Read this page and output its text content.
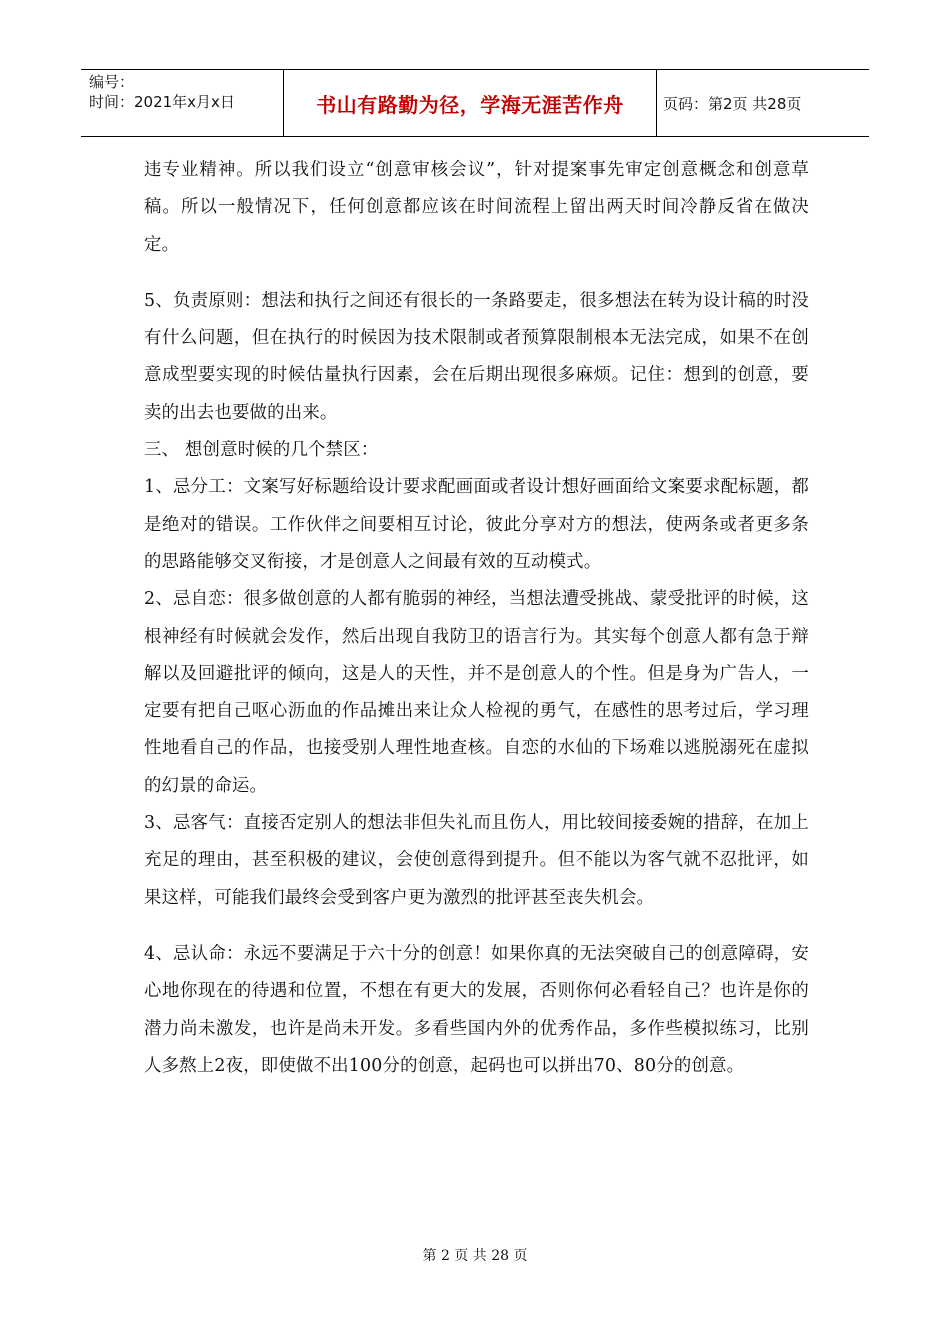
编号：
时间：2021年x月x日	书山有路勤为径，学海无涯苦作舟	页码：第2页 共28页

违专业精神。所以我们设立“创意审核会议”，针对提案事先审定创意概念和创意草稿。所以一般情况下，任何创意都应该在时间流程上留出两天时间冷静反省在做决定。

5、负责原则：想法和执行之间还有很长的一条路要走，很多想法在转为设计稿的时没有什么问题，但在执行的时候因为技术限制或者预算限制根本无法完成，如果不在创意成型要实现的时候估量执行因素，会在后期出现很多麻烦。记住：想到的创意，要卖的出去也要做的出来。

三、 想创意时候的几个禁区：

1、忌分工：文案写好标题给设计要求配画面或者设计想好画面给文案要求配标题，都是绝对的错误。工作伙伴之间要相互讨论，彼此分享对方的想法，使两条或者更多条的思路能够交叉衔接，才是创意人之间最有效的互动模式。

2、忌自恋：很多做创意的人都有脆弱的神经，当想法遭受挑战、蒙受批评的时候，这根神经有时候就会发作，然后出现自我防卫的语言行为。其实每个创意人都有急于辩解以及回避批评的倾向，这是人的天性，并不是创意人的个性。但是身为广告人，一定要有把自己呕心沥血的作品摊出来让众人检视的勇气，在感性的思考过后，学习理性地看自己的作品，也接受别人理性地查核。自恋的水仙的下场难以逃脱溺死在虚拟的幻景的命运。

3、忌客气：直接否定别人的想法非但失礼而且伤人，用比较间接委婉的措辞，在加上充足的理由，甚至积极的建议，会使创意得到提升。但不能以为客气就不忍批评，如果这样，可能我们最终会受到客户更为激烈的批评甚至丧失机会。

4、忌认命：永远不要满足于六十分的创意！如果你真的无法突破自己的创意障碍，安心地你现在的待遇和位置，不想在有更大的发展，否则你何必看轻自己？也许是你的潜力尚未激发，也许是尚未开发。多看些国内外的优秀作品，多作些模拟练习，比别人多熬上2夜，即使做不出100分的创意，起码也可以拼出70、80分的创意。

第 2 页 共 28 页
